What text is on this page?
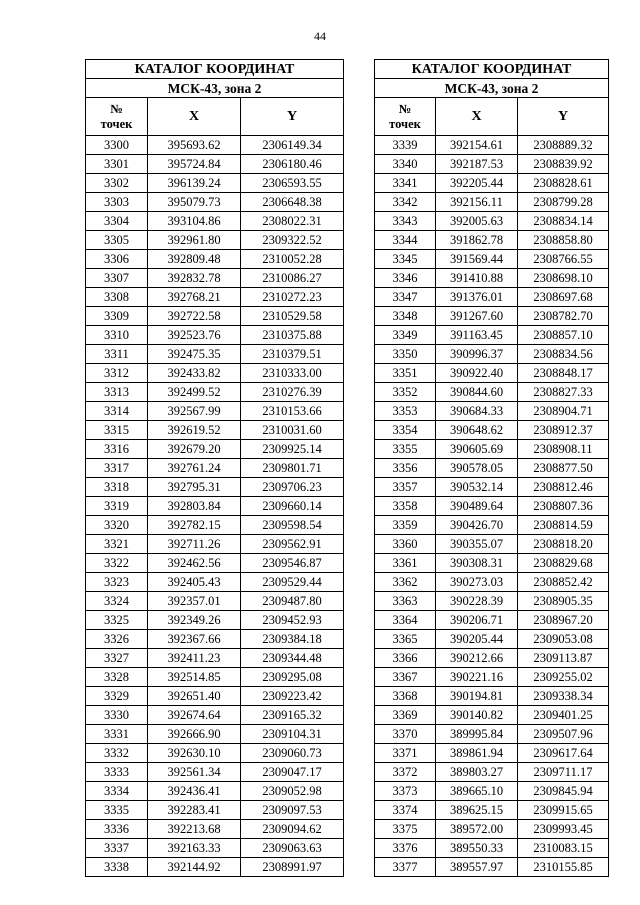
44
КАТАЛОГ КООРДИНАТ		
МСК-43, зона 2		
№
точек	X	Y
3300	395693.62	2306149.34
3301	395724.84	2306180.46
3302	396139.24	2306593.55
3303	395079.73	2306648.38
3304	393104.86	2308022.31
3305	392961.80	2309322.52
3306	392809.48	2310052.28
3307	392832.78	2310086.27
3308	392768.21	2310272.23
3309	392722.58	2310529.58
3310	392523.76	2310375.88
3311	392475.35	2310379.51
3312	392433.82	2310333.00
3313	392499.52	2310276.39
3314	392567.99	2310153.66
3315	392619.52	2310031.60
3316	392679.20	2309925.14
3317	392761.24	2309801.71
3318	392795.31	2309706.23
3319	392803.84	2309660.14
3320	392782.15	2309598.54
3321	392711.26	2309562.91
3322	392462.56	2309546.87
3323	392405.43	2309529.44
3324	392357.01	2309487.80
3325	392349.26	2309452.93
3326	392367.66	2309384.18
3327	392411.23	2309344.48
3328	392514.85	2309295.08
3329	392651.40	2309223.42
3330	392674.64	2309165.32
3331	392666.90	2309104.31
3332	392630.10	2309060.73
3333	392561.34	2309047.17
3334	392436.41	2309052.98
3335	392283.41	2309097.53
3336	392213.68	2309094.62
3337	392163.33	2309063.63
3338	392144.92	2308991.97
КАТАЛОГ КООРДИНАТ		
МСК-43, зона 2		
№
точек	X	Y
3339	392154.61	2308889.32
3340	392187.53	2308839.92
3341	392205.44	2308828.61
3342	392156.11	2308799.28
3343	392005.63	2308834.14
3344	391862.78	2308858.80
3345	391569.44	2308766.55
3346	391410.88	2308698.10
3347	391376.01	2308697.68
3348	391267.60	2308782.70
3349	391163.45	2308857.10
3350	390996.37	2308834.56
3351	390922.40	2308848.17
3352	390844.60	2308827.33
3353	390684.33	2308904.71
3354	390648.62	2308912.37
3355	390605.69	2308908.11
3356	390578.05	2308877.50
3357	390532.14	2308812.46
3358	390489.64	2308807.36
3359	390426.70	2308814.59
3360	390355.07	2308818.20
3361	390308.31	2308829.68
3362	390273.03	2308852.42
3363	390228.39	2308905.35
3364	390206.71	2308967.20
3365	390205.44	2309053.08
3366	390212.66	2309113.87
3367	390221.16	2309255.02
3368	390194.81	2309338.34
3369	390140.82	2309401.25
3370	389995.84	2309507.96
3371	389861.94	2309617.64
3372	389803.27	2309711.17
3373	389665.10	2309845.94
3374	389625.15	2309915.65
3375	389572.00	2309993.45
3376	389550.33	2310083.15
3377	389557.97	2310155.85
